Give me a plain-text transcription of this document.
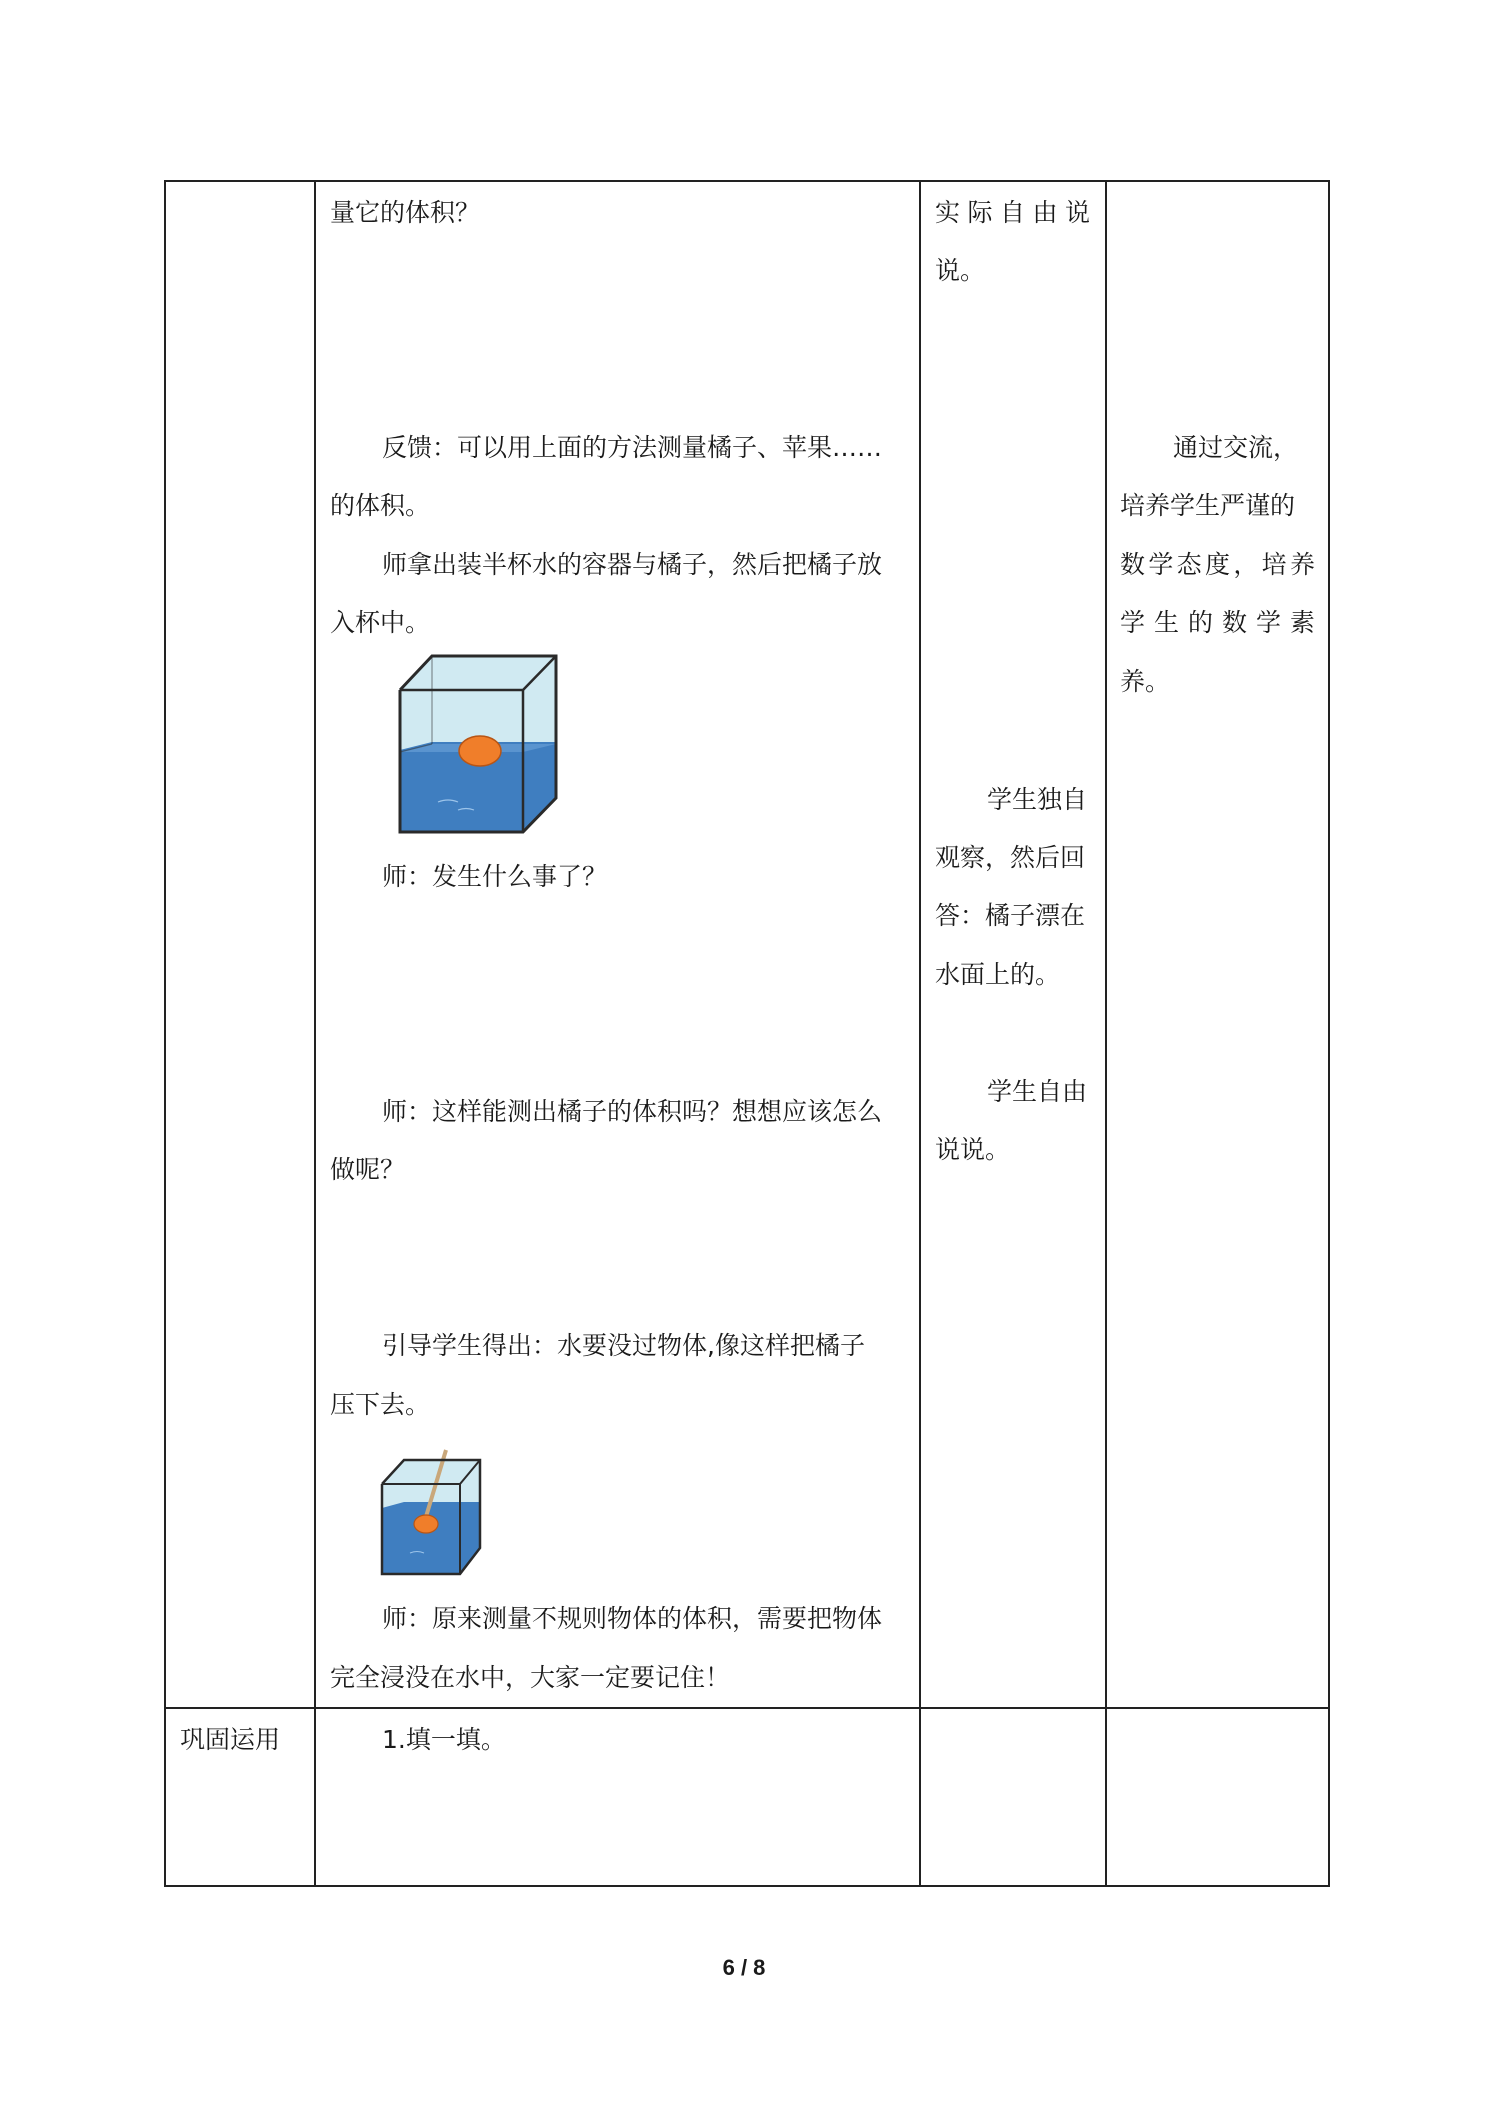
量它的体积？
反馈：可以用上面的方法测量橘子、苹果……
的体积。
师拿出装半杯水的容器与橘子，然后把橘子放
入杯中。
师：发生什么事了？
师：这样能测出橘子的体积吗？想想应该怎么
做呢？
引导学生得出：水要没过物体,像这样把橘子
压下去。
师：原来测量不规则物体的体积，需要把物体
完全浸没在水中，大家一定要记住！
1.填一填。
实 际 自 由 说
说。
学生独自
观察，然后回
答：橘子漂在
水面上的。
学生自由
说说。
通过交流，
培养学生严谨的
数 学 态 度 ， 培 养
学 生 的 数 学 素
养。
巩固运用
6 / 8
